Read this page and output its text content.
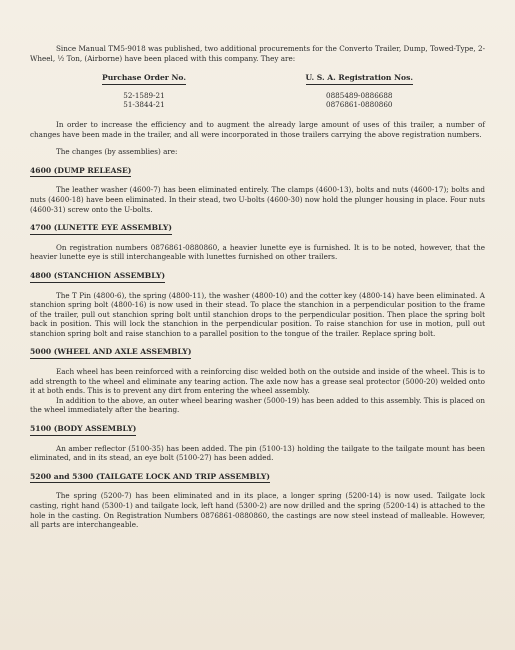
Since Manual TM5-9018 was published, two additional procurements for the Converto Trailer, Dump, Towed-Type, 2-Wheel, ½ Ton, (Airborne) have been placed with this company. They are:

Purchase Order No.
52-1589-21
51-3844-21
U. S. A. Registration Nos.
0885489-0886688
0876861-0880860

In order to increase the efficiency and to augment the already large amount of uses of this trailer, a number of changes have been made in the trailer, and all were incorporated in those trailers carrying the above registration numbers.

The changes (by assemblies) are:

4600 (DUMP RELEASE)

The leather washer (4600-7) has been eliminated entirely. The clamps (4600-13), bolts and nuts (4600-17); bolts and nuts (4600-18) have been eliminated. In their stead, two U-bolts (4600-30) now hold the plunger housing in place. Four nuts (4600-31) screw onto the U-bolts.

4700 (LUNETTE EYE ASSEMBLY)

On registration numbers 0876861-0880860, a heavier lunette eye is furnished. It is to be noted, however, that the heavier lunette eye is still interchangeable with lunettes furnished on other trailers.

4800 (STANCHION ASSEMBLY)

The T Pin (4800-6), the spring (4800-11), the washer (4800-10) and the cotter key (4800-14) have been eliminated. A stanchion spring bolt (4800-16) is now used in their stead. To place the stanchion in a perpendicular position to the frame of the trailer, pull out stanchion spring bolt until stanchion drops to the perpendicular position. Then place the spring bolt back in position. This will lock the stanchion in the perpendicular position. To raise stanchion for use in motion, pull out stanchion spring bolt and raise stanchion to a parallel position to the tongue of the trailer. Replace spring bolt.

5000 (WHEEL AND AXLE ASSEMBLY)

Each wheel has been reinforced with a reinforcing disc welded both on the outside and inside of the wheel. This is to add strength to the wheel and eliminate any tearing action. The axle now has a grease seal protector (5000-20) welded onto it at both ends. This is to prevent any dirt from entering the wheel assembly.

In addition to the above, an outer wheel bearing washer (5000-19) has been added to this assembly. This is placed on the wheel immediately after the bearing.

5100 (BODY ASSEMBLY)

An amber reflector (5100-35) has been added. The pin (5100-13) holding the tailgate to the tailgate mount has been eliminated, and in its stead, an eye bolt (5100-27) has been added.

5200 and 5300 (TAILGATE LOCK AND TRIP ASSEMBLY)

The spring (5200-7) has been eliminated and in its place, a longer spring (5200-14) is now used. Tailgate lock casting, right hand (5300-1) and tailgate lock, left hand (5300-2) are now drilled and the spring (5200-14) is attached to the hole in the casting. On Registration Numbers 0876861-0880860, the castings are now steel instead of malleable. However, all parts are interchangeable.
